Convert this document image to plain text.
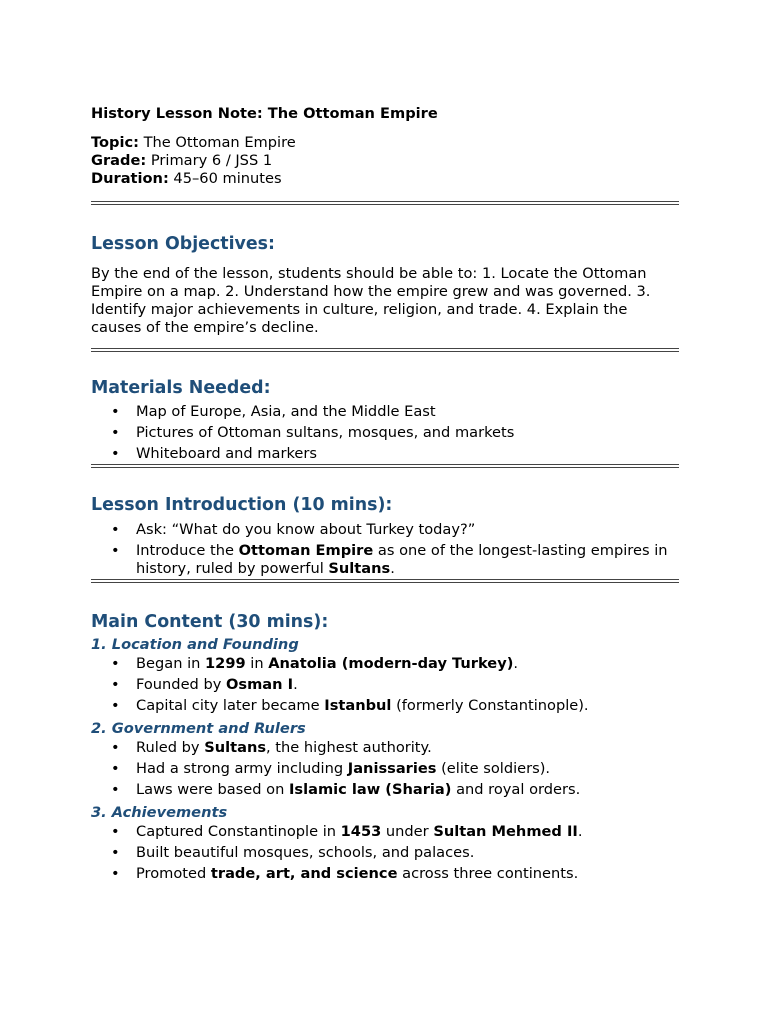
History Lesson Note: The Ottoman Empire
Topic: The Ottoman Empire
Grade: Primary 6 / JSS 1
Duration: 45–60 minutes
Lesson Objectives:

By the end of the lesson, students should be able to: 1. Locate the Ottoman Empire on a map. 2. Understand how the empire grew and was governed. 3. Identify major achievements in culture, religion, and trade. 4. Explain the causes of the empire’s decline.

Materials Needed:
• Map of Europe, Asia, and the Middle East
• Pictures of Ottoman sultans, mosques, and markets
• Whiteboard and markers
Lesson Introduction (10 mins):
• Ask: “What do you know about Turkey today?”
• Introduce the Ottoman Empire as one of the longest-lasting empires in history, ruled by powerful Sultans.
Main Content (30 mins):
1. Location and Founding
• Began in 1299 in Anatolia (modern-day Turkey).
• Founded by Osman I.
• Capital city later became Istanbul (formerly Constantinople).
2. Government and Rulers
• Ruled by Sultans, the highest authority.
• Had a strong army including Janissaries (elite soldiers).
• Laws were based on Islamic law (Sharia) and royal orders.
3. Achievements
• Captured Constantinople in 1453 under Sultan Mehmed II.
• Built beautiful mosques, schools, and palaces.
• Promoted trade, art, and science across three continents.
